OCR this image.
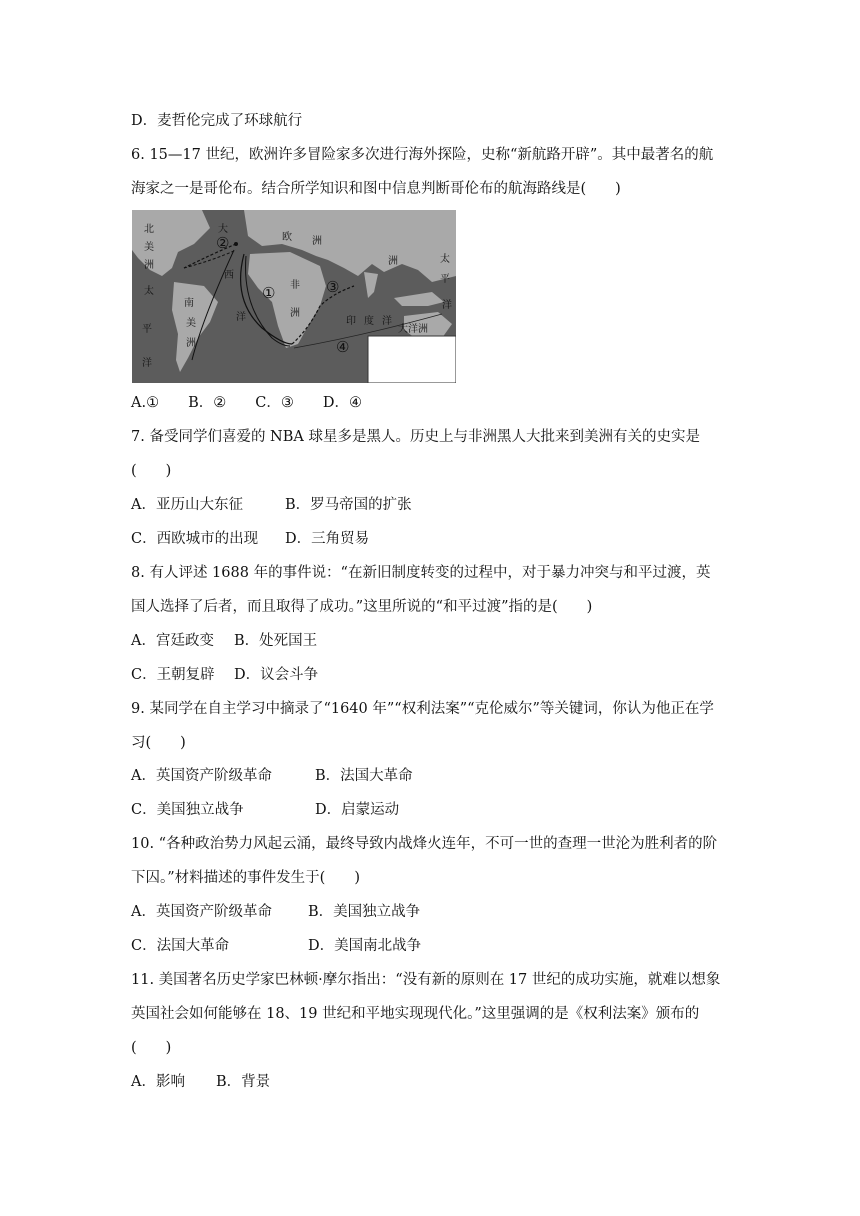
D．麦哲伦完成了环球航行
6. 15—17 世纪，欧洲许多冒险家多次进行海外探险，史称“新航路开辟”。其中最著名的航
海家之一是哥伦布。结合所学知识和图中信息判断哥伦布的航海路线是(　　)
北
美
洲
太
平
洋
大
西
洋
欧 洲
非
洲
南
美
洲
印 度 洋
洲	太
平
洋
大洋洲
①
②
③
④
A.①　　B．②　　C．③　　D．④
7. 备受同学们喜爱的 NBA 球星多是黑人。历史上与非洲黑人大批来到美洲有关的史实是
(　　)
A．亚历山大东征	B．罗马帝国的扩张
C．西欧城市的出现 D．三角贸易
8. 有人评述 1688 年的事件说：“在新旧制度转变的过程中，对于暴力冲突与和平过渡，英
国人选择了后者，而且取得了成功。”这里所说的“和平过渡”指的是(　　)
A．宫廷政变 B．处死国王
C．王朝复辟 D．议会斗争
9. 某同学在自主学习中摘录了“1640 年”“权利法案”“克伦威尔”等关键词，你认为他正在学
习(　　)
A．英国资产阶级革命	B．法国大革命
C．美国独立战争	D．启蒙运动
10. “各种政治势力风起云涌，最终导致内战烽火连年，不可一世的查理一世沦为胜利者的阶
下囚。”材料描述的事件发生于(　　)
A．英国资产阶级革命 B．美国独立战争
C．法国大革命	D．美国南北战争
11. 美国著名历史学家巴林顿·摩尔指出：“没有新的原则在 17 世纪的成功实施，就难以想象
英国社会如何能够在 18、19 世纪和平地实现现代化。”这里强调的是《权利法案》颁布的
(　　)
A．影响 B．背景
